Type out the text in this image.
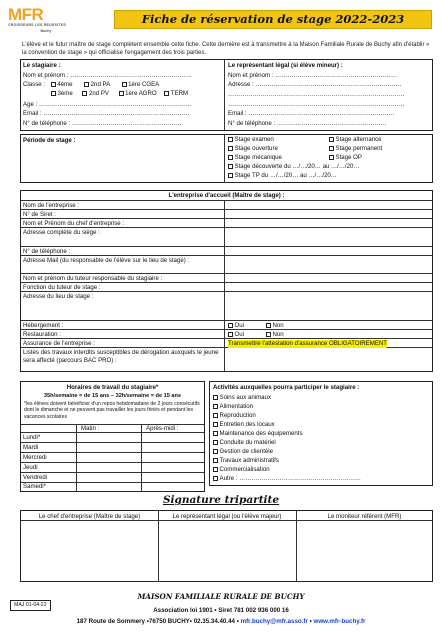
MFR
CROISSEURS LES REUSSITES
Buchy
Fiche de réservation de stage 2022-2023
L'élève et le futur maître de stage complètent ensemble cette fiche. Cette dernière est à transmettre à la Maison Familiale Rurale de Buchy afin d'établir « la convention de stage » qui officialise l'engagement des trois parties.
Le stagiaire :
Nom et prénom : ……………………………………………………
Classe : 4ème	2nd PA	1ère CGEA
3ème	2nd PV	1ère AGRO TERM
Age : …………………………………………………………………
Email : ………………………………………………………………
N° de téléphone : ………………………………………………
Le représentant légal (si élève mineur) :
Nom et prénom : ……………………………………………………
Adresse : ………………………………………………………………
……………………………………………………………………………
……………………………………………………………………………
Email : ………………………………………………………………
N° de téléphone : ………………………………………………
Période de stage :	Stage examen
Stage ouverture
Stage mécanique
Stage découverte du …/…/20… au …/…/20…
Stage TP du …/…/20… au …/…/20…
Stage alternance
Stage permanent
Stage OP
L'entreprise d'accueil (Maître de stage) :
Nom de l'entreprise :
N° de Siret :
Nom et Prénom du chef d'entreprise :
Adresse complète du siège :
N° de téléphone :
Adresse Mail (du responsable de l'élève sur le lieu de stage) :
Nom et prénom du tuteur responsable du stagiaire :
Fonction du tuteur de stage :
Adresse du lieu de stage :
Hébergement :	Oui	Non
Restauration :	Oui	Non
Assurance de l'entreprise :	Transmettre l'attestation d'assurance OBLIGATOIREMENT
Listes des travaux interdits susceptibles de dérogation auxquels le jeune sera affecté (parcours BAC PRO) :
Horaires de travail du stagiaire*
35h/semaine = de 15 ans – 32h/semaine = de 15 ans
*les élèves doivent bénéficier d'un repos hebdomadaire de 2 jours consécutifs dont le dimanche et ne peuvent pas travailler les jours fériés et pendant les vacances scolaires
Matin :	Après-midi :
Lundi*
Mardi
Mercredi
Jeudi
Vendredi
Samedi*
Activités auxquelles pourra participer le stagiaire :
Soins aux animaux
Alimentation
Reproduction
Entretien des locaux
Maintenance des équipements
Conduite du matériel
Gestion de clientèle
Travaux administratifs
Commercialisation
Autre : ……………………………………………………
Signature tripartite
Le chef d'entreprise (Maître de stage)	Le représentant légal (ou l'élève majeur)	Le moniteur référent (MFR)
MAJ 01-04-22
MAISON FAMILIALE RURALE DE BUCHY
Association loi 1901 • Siret 781 002 936 000 16
187 Route de Sommery •76750 BUCHY• 02.35.34.40.44 • mfr.buchy@mfr.asso.fr • www.mfr-buchy.fr
